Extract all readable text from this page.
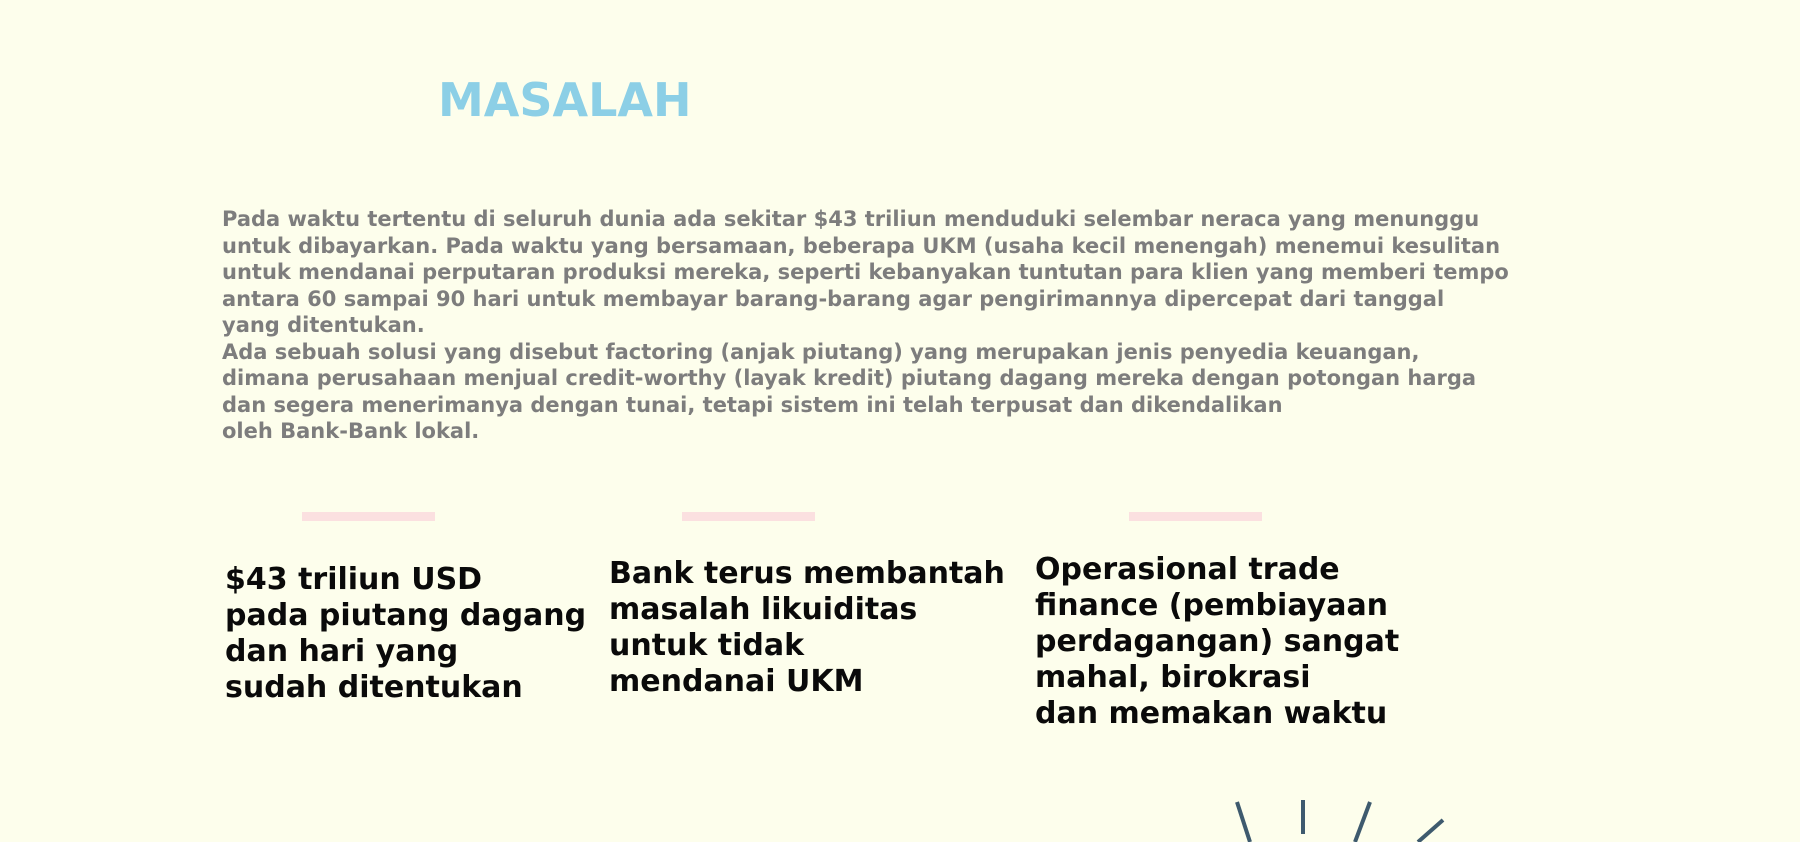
MASALAH
Pada waktu tertentu di seluruh dunia ada sekitar $43 triliun menduduki selembar neraca yang menunggu
untuk dibayarkan. Pada waktu yang bersamaan, beberapa UKM (usaha kecil menengah) menemui kesulitan
untuk mendanai perputaran produksi mereka, seperti kebanyakan tuntutan para klien yang memberi tempo
antara 60 sampai 90 hari untuk membayar barang-barang agar pengirimannya dipercepat dari tanggal
yang ditentukan.
Ada sebuah solusi yang disebut factoring (anjak piutang) yang merupakan jenis penyedia keuangan,
dimana perusahaan menjual credit-worthy (layak kredit) piutang dagang mereka dengan potongan harga
dan segera menerimanya dengan tunai, tetapi sistem ini telah terpusat dan dikendalikan
oleh Bank-Bank lokal.
$43 triliun USD
pada piutang dagang
dan hari yang
sudah ditentukan
Bank terus membantah
masalah likuiditas
untuk tidak
mendanai UKM
Operasional trade
finance (pembiayaan
perdagangan) sangat
mahal, birokrasi
dan memakan waktu
